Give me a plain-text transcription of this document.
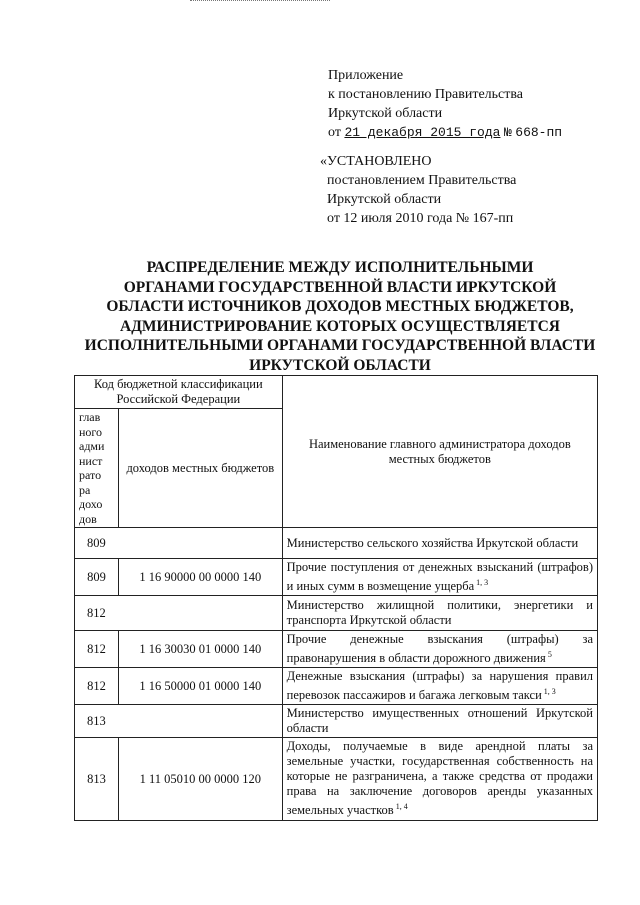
Приложение
к постановлению Правительства
Иркутской области
от 21 декабря 2015 года № 668-пп
«УСТАНОВЛЕНО
постановлением Правительства
Иркутской области
от 12 июля 2010 года № 167-пп
РАСПРЕДЕЛЕНИЕ МЕЖДУ ИСПОЛНИТЕЛЬНЫМИ
ОРГАНАМИ ГОСУДАРСТВЕННОЙ ВЛАСТИ ИРКУТСКОЙ
ОБЛАСТИ ИСТОЧНИКОВ ДОХОДОВ МЕСТНЫХ БЮДЖЕТОВ,
АДМИНИСТРИРОВАНИЕ КОТОРЫХ ОСУЩЕСТВЛЯЕТСЯ
ИСПОЛНИТЕЛЬНЫМИ ОРГАНАМИ ГОСУДАРСТВЕННОЙ ВЛАСТИ
ИРКУТСКОЙ ОБЛАСТИ
Код бюджетной классификации Российской Федерации		Наименование главного администратора доходов местных бюджетов
глав ного адми нист рато ра дохо дов	доходов местных бюджетов	
809		Министерство сельского хозяйства Иркутской области
809	1 16 90000 00 0000 140	Прочие поступления от денежных взысканий (штрафов) и иных сумм в возмещение ущерба $^{1, 3}$
812		Министерство жилищной политики, энергетики и транспорта Иркутской области
812	1 16 30030 01 0000 140	Прочие денежные взыскания (штрафы) за правонарушения в области дорожного движения $^5$
812	1 16 50000 01 0000 140	Денежные взыскания (штрафы) за нарушения правил перевозок пассажиров и багажа легковым такси $^{1, 3}$
813		Министерство имущественных отношений Иркутской области
813	1 11 05010 00 0000 120	Доходы, получаемые в виде арендной платы за земельные участки, государственная собственность на которые не разграничена, а также средства от продажи права на заключение договоров аренды указанных земельных участков $^{1, 4}$
